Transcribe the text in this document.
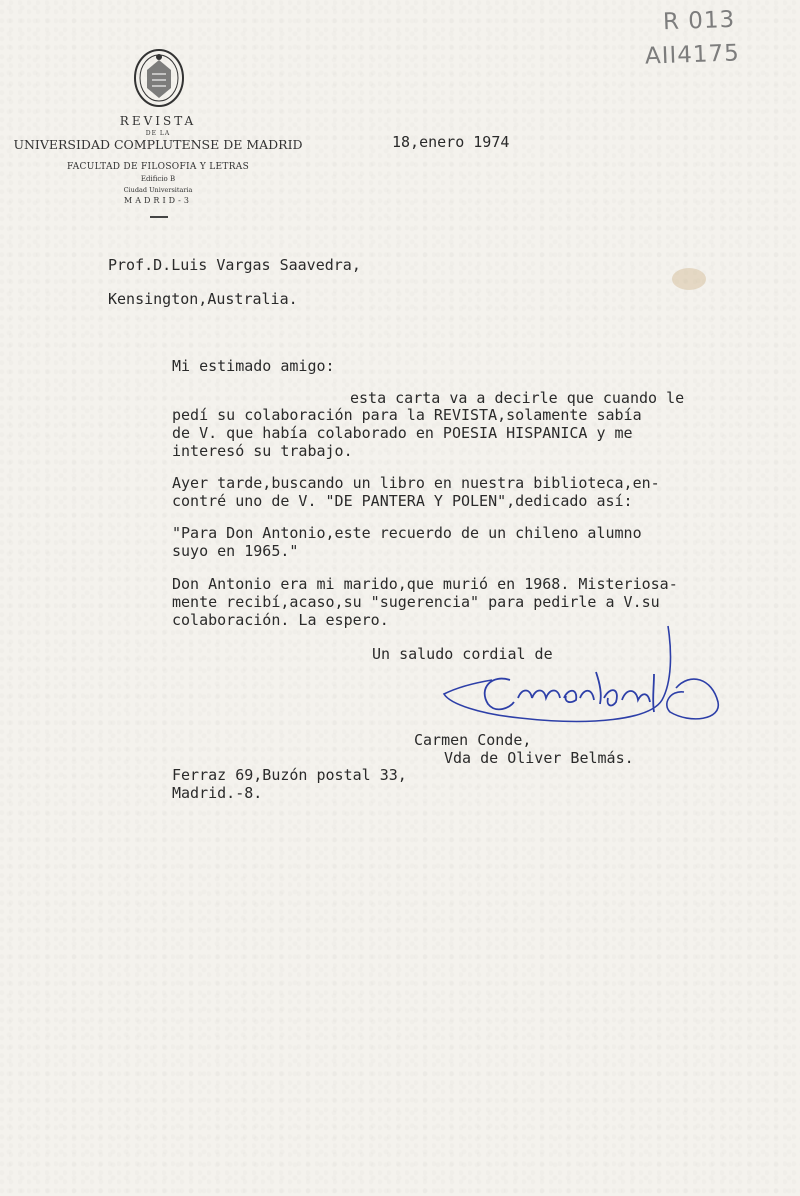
R 013
AII4175
REVISTA
DE LA
UNIVERSIDAD COMPLUTENSE DE MADRID
FACULTAD DE FILOSOFIA Y LETRAS
Edificio B
Ciudad Universitaria
MADRID-3
18,enero 1974
Prof.D.Luis Vargas Saavedra,
Kensington,Australia.
Mi estimado amigo:
esta carta va a decirle que cuando le
pedí su colaboración para la REVISTA,solamente sabía
de V. que había colaborado en POESIA HISPANICA y me
interesó su trabajo.
Ayer tarde,buscando un libro en nuestra biblioteca,en-
contré uno de V. "DE PANTERA Y POLEN",dedicado así:
"Para Don Antonio,este recuerdo de un chileno alumno
suyo en 1965."
Don Antonio era mi marido,que murió en 1968. Misteriosa-
mente recibí,acaso,su "sugerencia" para pedirle a V.su
colaboración. La espero.
Un saludo cordial de
Carmen Conde,
Vda de Oliver Belmás.
Ferraz 69,Buzón postal 33,
Madrid.-8.
